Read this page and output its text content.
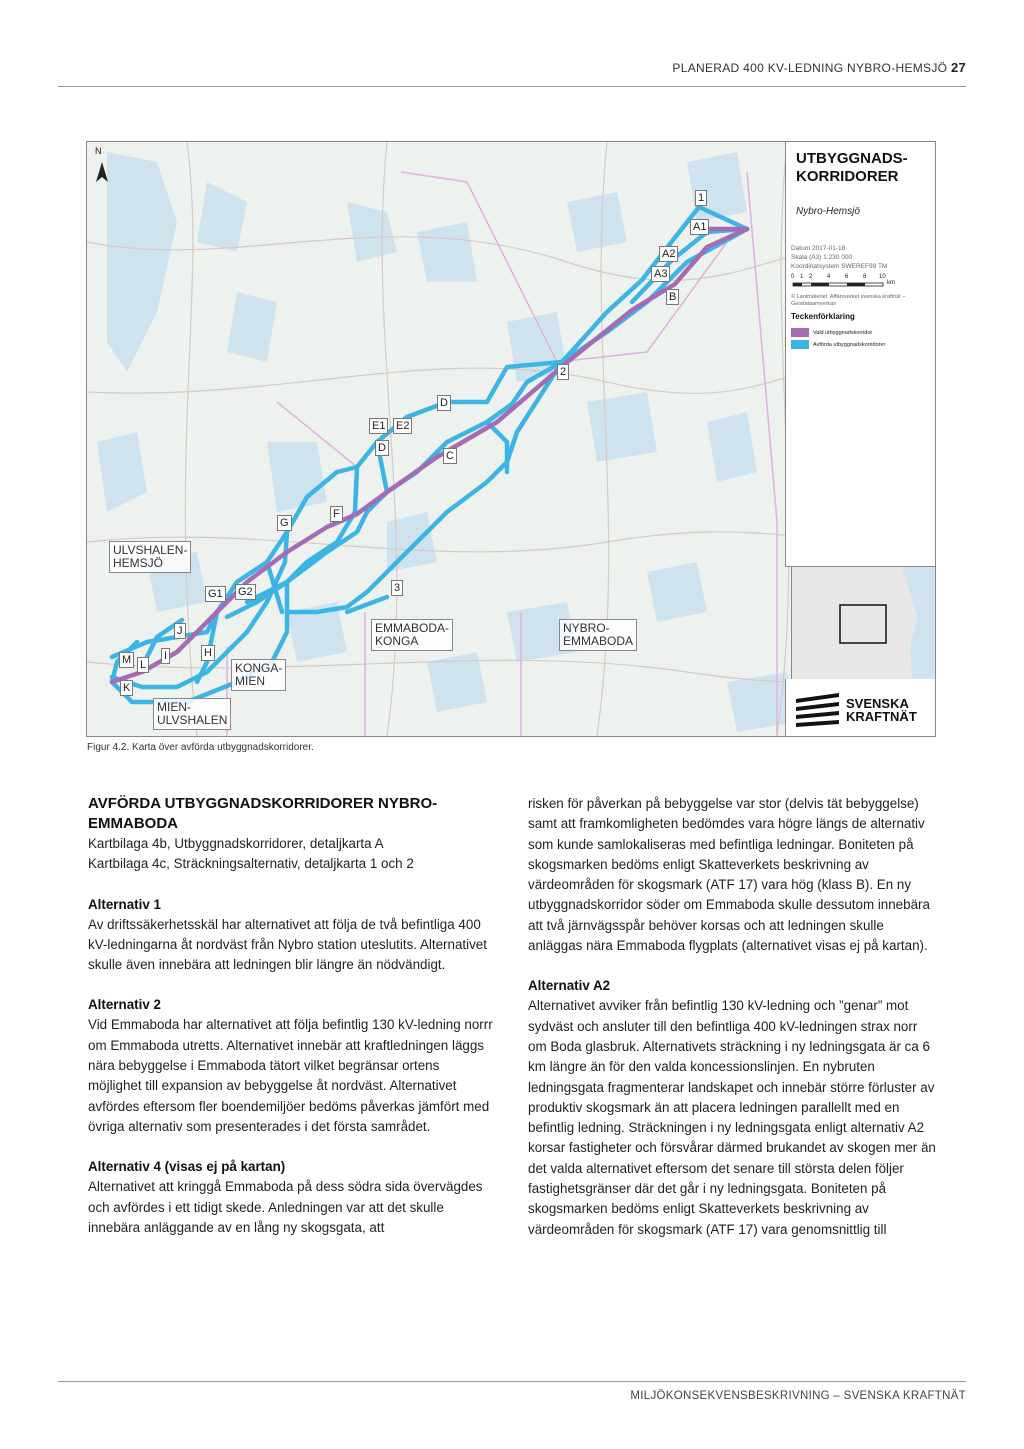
PLANERAD 400 KV-LEDNING NYBRO-HEMSJÖ 27
N	UTBYGGNADS-
KORRIDORER
Nybro-Hemsjö
Datum 2017-01-18
Skala (A3) 1:230 000
Koordinatsystem SWEREF99 TM
0 1 2 4 6 8 10
km
© Lantmäteriet. Affärsverket svenska kraftnät – Geodataamverkan
Teckenförklaring
Vald utbyggnadskorridor
Avförda utbyggnadskorridorer
SVENSKA
KRAFTNÄT
1
A1
A2
A3
B
2
D
E1 E2
D
C
F
G
G1 G2	3
J
I	H
M L
K
ULVSHALEN-
HEMSJÖ
EMMABODA-
KONGA
NYBRO-
EMMABODA
KONGA-
MIEN
MIEN-
ULVSHALEN
Figur 4.2. Karta över avförda utbyggnadskorridorer.
AVFÖRDA UTBYGGNADSKORRIDORER NYBRO-EMMABODA

Kartbilaga 4b, Utbyggnadskorridorer, detaljkarta A
Kartbilaga 4c, Sträckningsalternativ, detaljkarta 1 och 2

Alternativ 1

Av driftssäkerhetsskäl har alternativet att följa de två befintliga 400 kV-ledningarna åt nordväst från Nybro station uteslutits. Alternativet skulle även innebära att ledningen blir längre än nödvändigt.

Alternativ 2

Vid Emmaboda har alternativet att följa befintlig 130 kV-ledning norrr om Emmaboda utretts. Alternativet innebär att kraftledningen läggs nära bebyggelse i Emmaboda tätort vilket begränsar ortens möjlighet till expansion av bebyggelse åt nordväst. Alternativet avfördes eftersom fler boendemiljöer bedöms påverkas jämfört med övriga alternativ som presenterades i det första samrådet.

Alternativ 4 (visas ej på kartan)

Alternativet att kringgå Emmaboda på dess södra sida övervägdes och avfördes i ett tidigt skede. Anledningen var att det skulle innebära anläggande av en lång ny skogsgata, att

risken för påverkan på bebyggelse var stor (delvis tät bebyggelse) samt att framkomligheten bedömdes vara högre längs de alternativ som kunde samlokaliseras med befintliga ledningar. Boniteten på skogsmarken bedöms enligt Skatteverkets beskrivning av värdeområden för skogsmark (ATF 17) vara hög (klass B). En ny utbyggnadskorridor söder om Emmaboda skulle dessutom innebära att två järnvägsspår behöver korsas och att ledningen skulle anläggas nära Emmaboda flygplats (alternativet visas ej på kartan).

Alternativ A2

Alternativet avviker från befintlig 130 kV-ledning och ”genar” mot sydväst och ansluter till den befintliga 400 kV-ledningen strax norr om Boda glasbruk. Alternativets sträckning i ny ledningsgata är ca 6 km längre än för den valda koncessionslinjen. En nybruten ledningsgata fragmenterar landskapet och innebär större förluster av produktiv skogsmark än att placera ledningen parallellt med en befintlig ledning. Sträckningen i ny ledningsgata enligt alternativ A2 korsar fastigheter och försvårar därmed brukandet av skogen mer än det valda alternativet eftersom det senare till största delen följer fastighetsgränser där det går i ny ledningsgata. Boniteten på skogsmarken bedöms enligt Skatteverkets beskrivning av värdeområden för skogsmark (ATF 17) vara genomsnittlig till

MILJÖKONSEKVENSBESKRIVNING – SVENSKA KRAFTNÄT
